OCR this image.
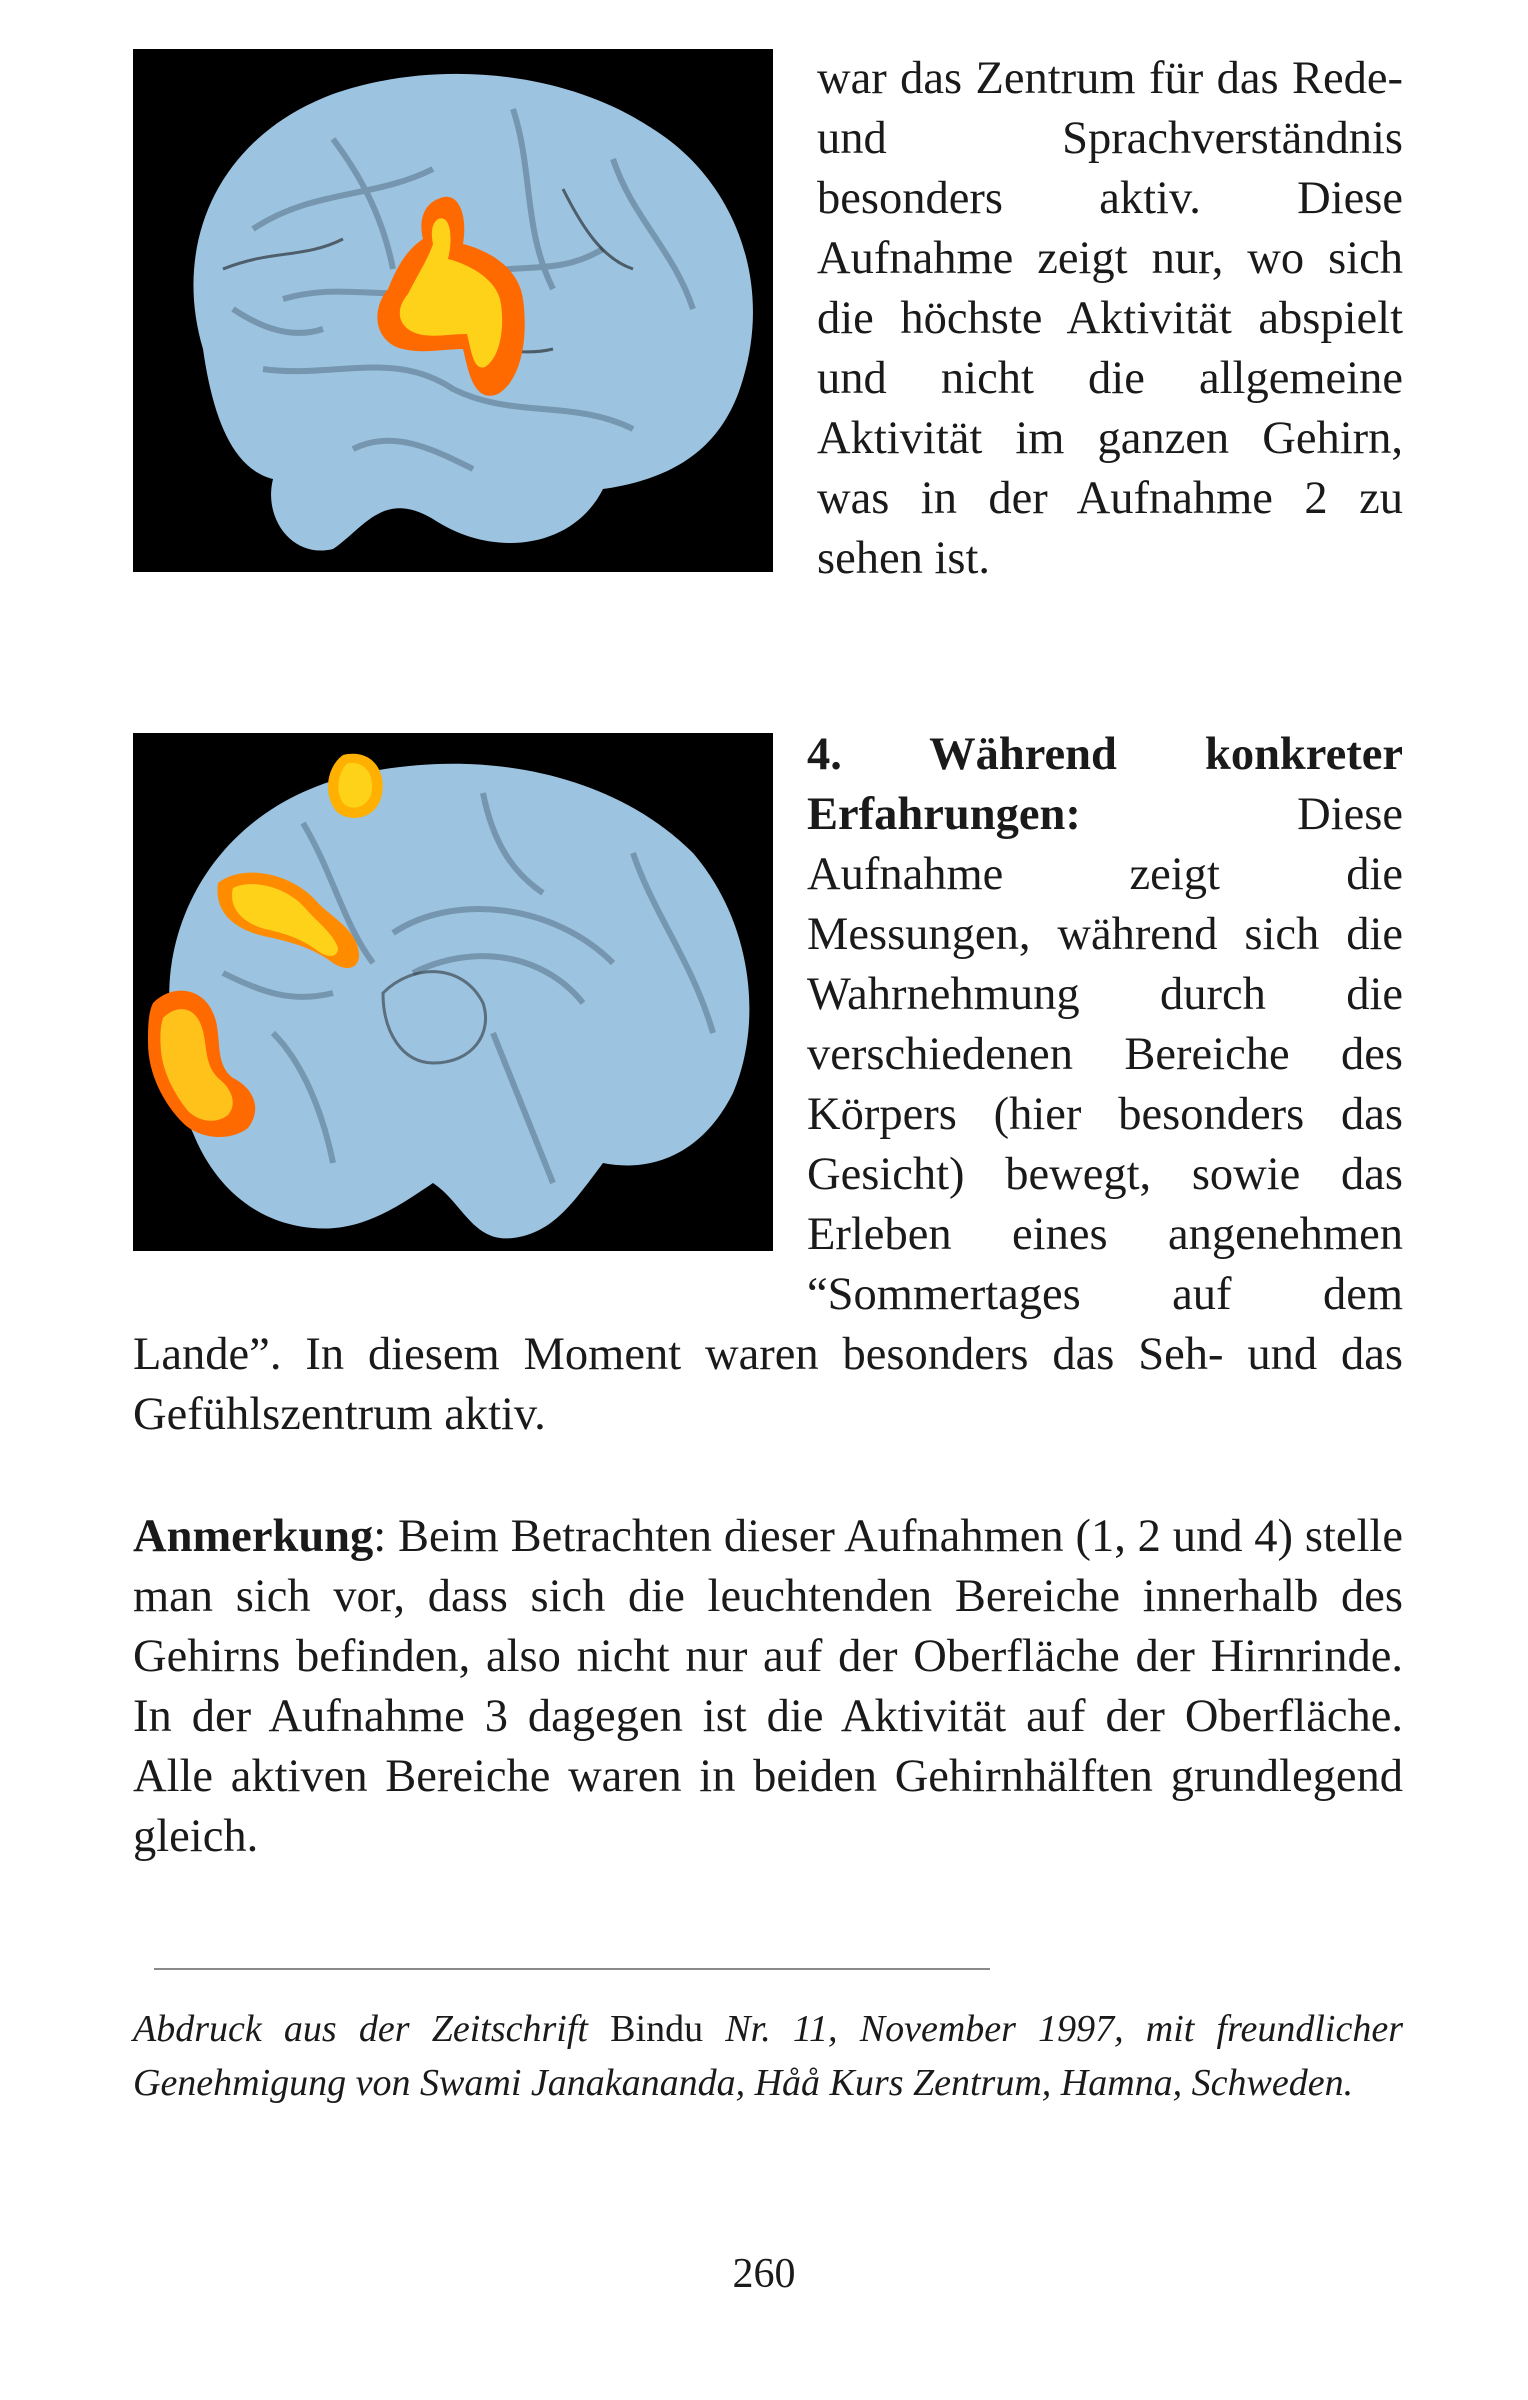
war das Zentrum für das Rede- und Sprachverständnis besonders aktiv. Diese Aufnahme zeigt nur, wo sich die höchste Aktivität abspielt und nicht die allgemeine Aktivität im ganzen Gehirn, was in der Aufnahme 2 zu sehen ist.

4. Während konkreter Erfahrungen: Diese Aufnahme zeigt die Messungen, während sich die Wahrnehmung durch die verschiedenen Bereiche des Körpers (hier besonders das Gesicht) bewegt, sowie das Erleben eines angenehmen “Sommertages auf dem Lande”. In diesem Moment waren besonders das Seh- und das Gefühlszentrum aktiv.

Anmerkung: Beim Betrachten dieser Aufnahmen (1, 2 und 4) stelle man sich vor, dass sich die leuchtenden Bereiche innerhalb des Gehirns befinden, also nicht nur auf der Oberfläche der Hirnrinde. In der Aufnahme 3 dagegen ist die Aktivität auf der Oberfläche. Alle aktiven Bereiche waren in beiden Gehirnhälften grundlegend gleich.

Abdruck aus der Zeitschrift Bindu Nr. 11, November 1997, mit freundlicher Genehmigung von Swami Janakananda, Håå Kurs Zentrum, Hamna, Schweden.

260
